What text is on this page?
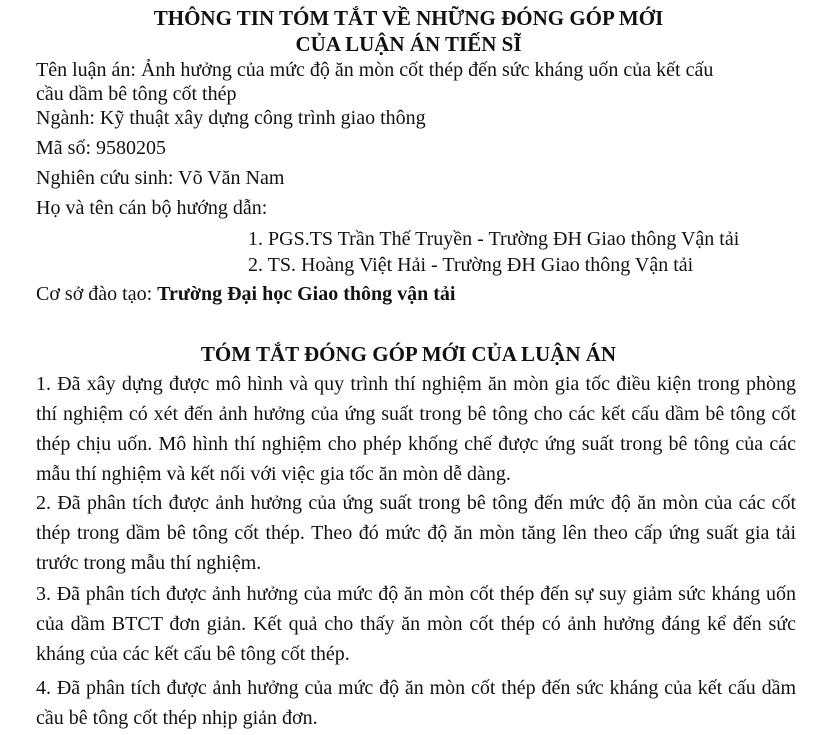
THÔNG TIN TÓM TẮT VỀ NHỮNG ĐÓNG GÓP MỚI
CỦA LUẬN ÁN TIẾN SĨ
Tên luận án: Ảnh hưởng của mức độ ăn mòn cốt thép đến sức kháng uốn của kết cấu
cầu dầm bê tông cốt thép
Ngành: Kỹ thuật xây dựng công trình giao thông
Mã số: 9580205
Nghiên cứu sinh: Võ Văn Nam
Họ và tên cán bộ hướng dẫn:
1. PGS.TS Trần Thế Truyền - Trường ĐH Giao thông Vận tải
2. TS. Hoàng Việt Hải - Trường ĐH Giao thông Vận tải
Cơ sở đào tạo: Trường Đại học Giao thông vận tải
TÓM TẮT ĐÓNG GÓP MỚI CỦA LUẬN ÁN
1. Đã xây dựng được mô hình và quy trình thí nghiệm ăn mòn gia tốc điều kiện trong phòng thí nghiệm có xét đến ảnh hưởng của ứng suất trong bê tông cho các kết cấu dầm bê tông cốt thép chịu uốn. Mô hình thí nghiệm cho phép khống chế được ứng suất trong bê tông của các mẫu thí nghiệm và kết nối với việc gia tốc ăn mòn dễ dàng.
2. Đã phân tích được ảnh hưởng của ứng suất trong bê tông đến mức độ ăn mòn của các cốt thép trong dầm bê tông cốt thép. Theo đó mức độ ăn mòn tăng lên theo cấp ứng suất gia tải trước trong mẫu thí nghiệm.
3. Đã phân tích được ảnh hưởng của mức độ ăn mòn cốt thép đến sự suy giảm sức kháng uốn của dầm BTCT đơn giản. Kết quả cho thấy ăn mòn cốt thép có ảnh hưởng đáng kể đến sức kháng của các kết cấu bê tông cốt thép.
4. Đã phân tích được ảnh hưởng của mức độ ăn mòn cốt thép đến sức kháng của kết cấu dầm cầu bê tông cốt thép nhịp giản đơn.
